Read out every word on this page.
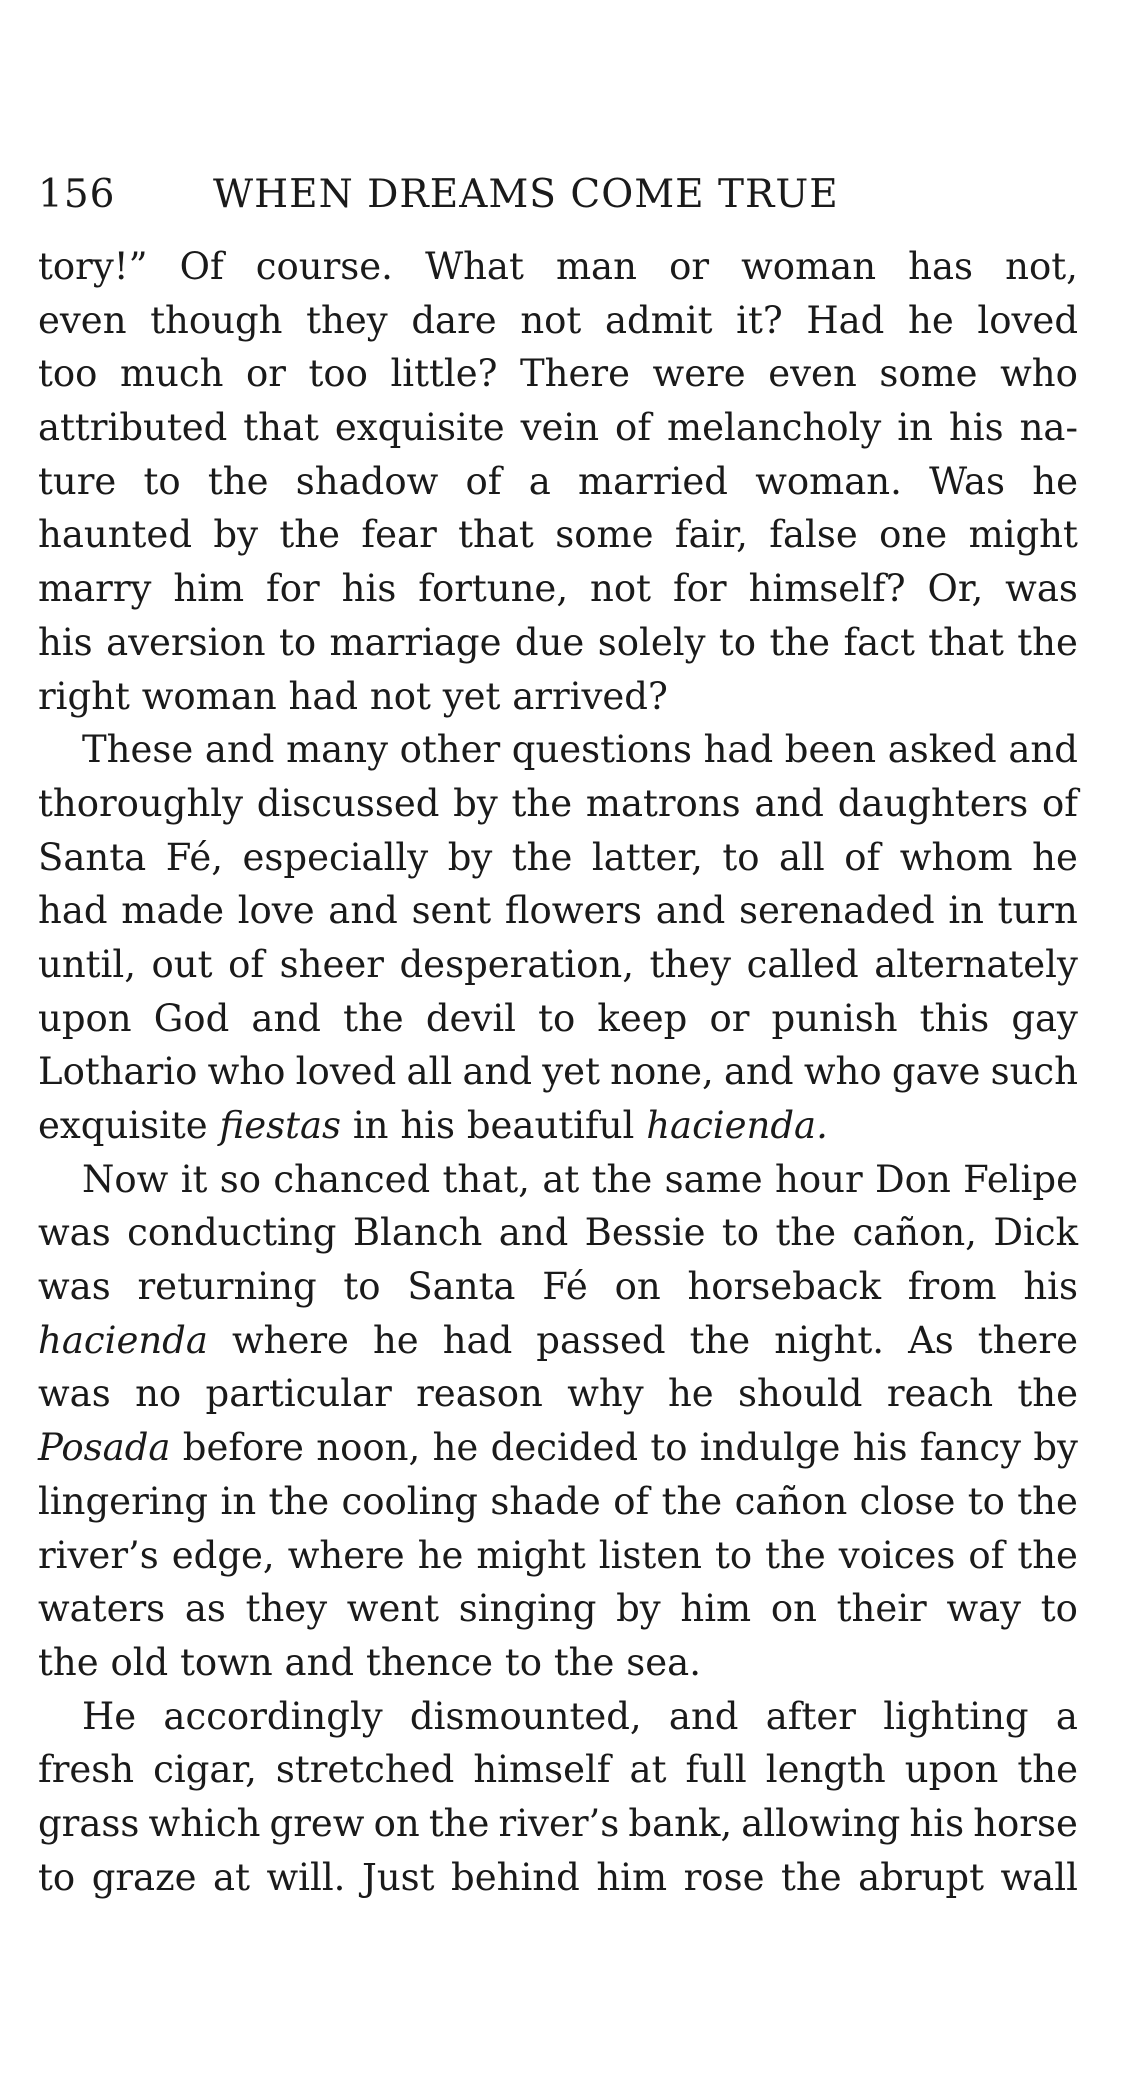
156	WHEN DREAMS COME TRUE
tory!” Of course. What man or woman has not,
even though they dare not admit it? Had he loved
too much or too little? There were even some who
attributed that exquisite vein of melancholy in his na-
ture to the shadow of a married woman. Was he
haunted by the fear that some fair, false one might
marry him for his fortune, not for himself? Or, was
his aversion to marriage due solely to the fact that the
right woman had not yet arrived?
These and many other questions had been asked and
thoroughly discussed by the matrons and daughters of
Santa Fé, especially by the latter, to all of whom he
had made love and sent flowers and serenaded in turn
until, out of sheer desperation, they called alternately
upon God and the devil to keep or punish this gay
Lothario who loved all and yet none, and who gave such
exquisite fiestas in his beautiful hacienda.
Now it so chanced that, at the same hour Don Felipe
was conducting Blanch and Bessie to the cañon, Dick
was returning to Santa Fé on horseback from his
hacienda where he had passed the night. As there
was no particular reason why he should reach the
Posada before noon, he decided to indulge his fancy by
lingering in the cooling shade of the cañon close to the
river’s edge, where he might listen to the voices of the
waters as they went singing by him on their way to
the old town and thence to the sea.
He accordingly dismounted, and after lighting a
fresh cigar, stretched himself at full length upon the
grass which grew on the river’s bank, allowing his horse
to graze at will. Just behind him rose the abrupt wall
